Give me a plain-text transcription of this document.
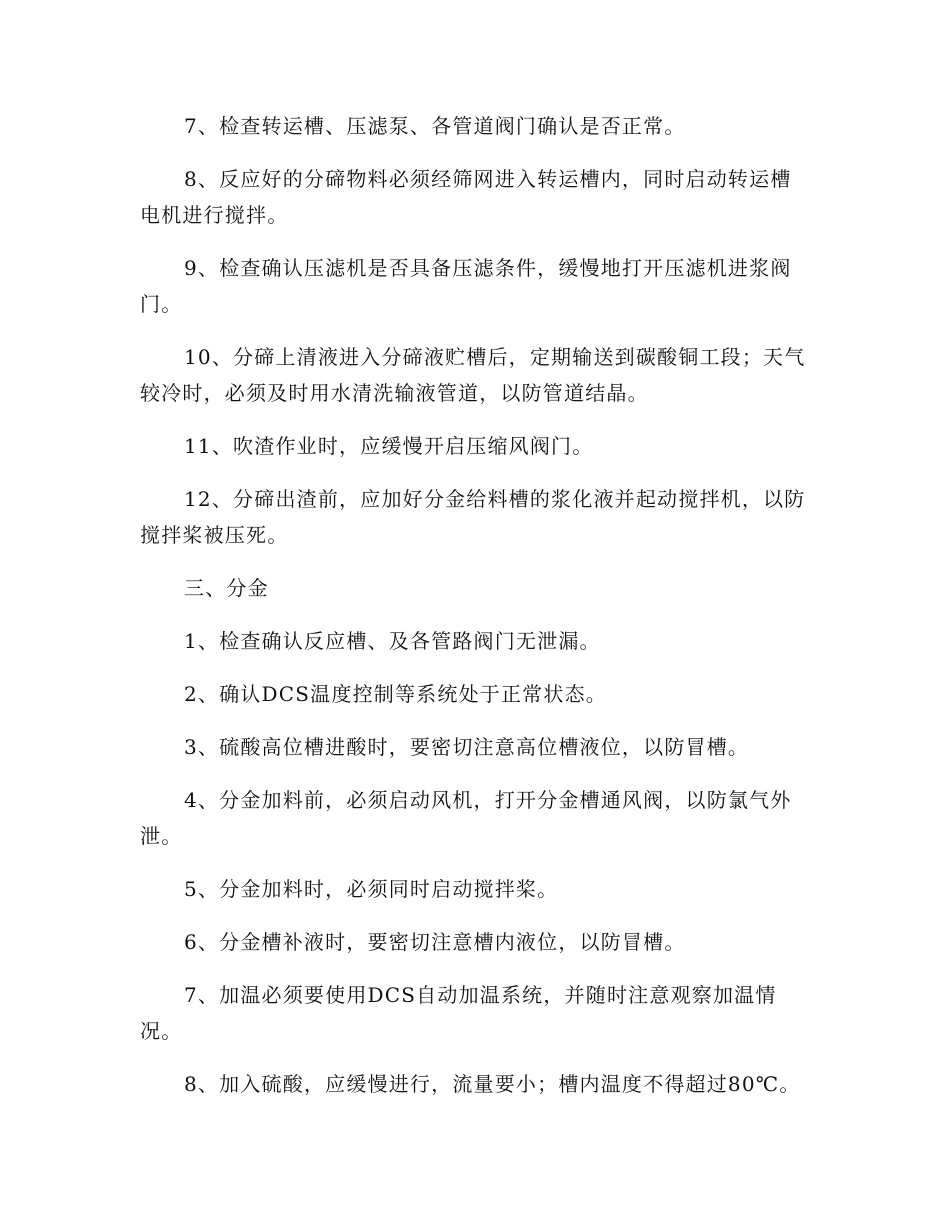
7、检查转运槽、压滤泵、各管道阀门确认是否正常。

8、反应好的分碲物料必须经筛网进入转运槽内，同时启动转运槽电机进行搅拌。

9、检查确认压滤机是否具备压滤条件，缓慢地打开压滤机进浆阀门。

10、分碲上清液进入分碲液贮槽后，定期输送到碳酸铜工段；天气较冷时，必须及时用水清洗输液管道，以防管道结晶。

11、吹渣作业时，应缓慢开启压缩风阀门。

12、分碲出渣前，应加好分金给料槽的浆化液并起动搅拌机，以防搅拌桨被压死。

三、分金

1、检查确认反应槽、及各管路阀门无泄漏。

2、确认DCS温度控制等系统处于正常状态。

3、硫酸高位槽进酸时，要密切注意高位槽液位，以防冒槽。

4、分金加料前，必须启动风机，打开分金槽通风阀，以防氯气外泄。

5、分金加料时，必须同时启动搅拌桨。

6、分金槽补液时，要密切注意槽内液位，以防冒槽。

7、加温必须要使用DCS自动加温系统，并随时注意观察加温情况。

8、加入硫酸，应缓慢进行，流量要小；槽内温度不得超过80℃。
